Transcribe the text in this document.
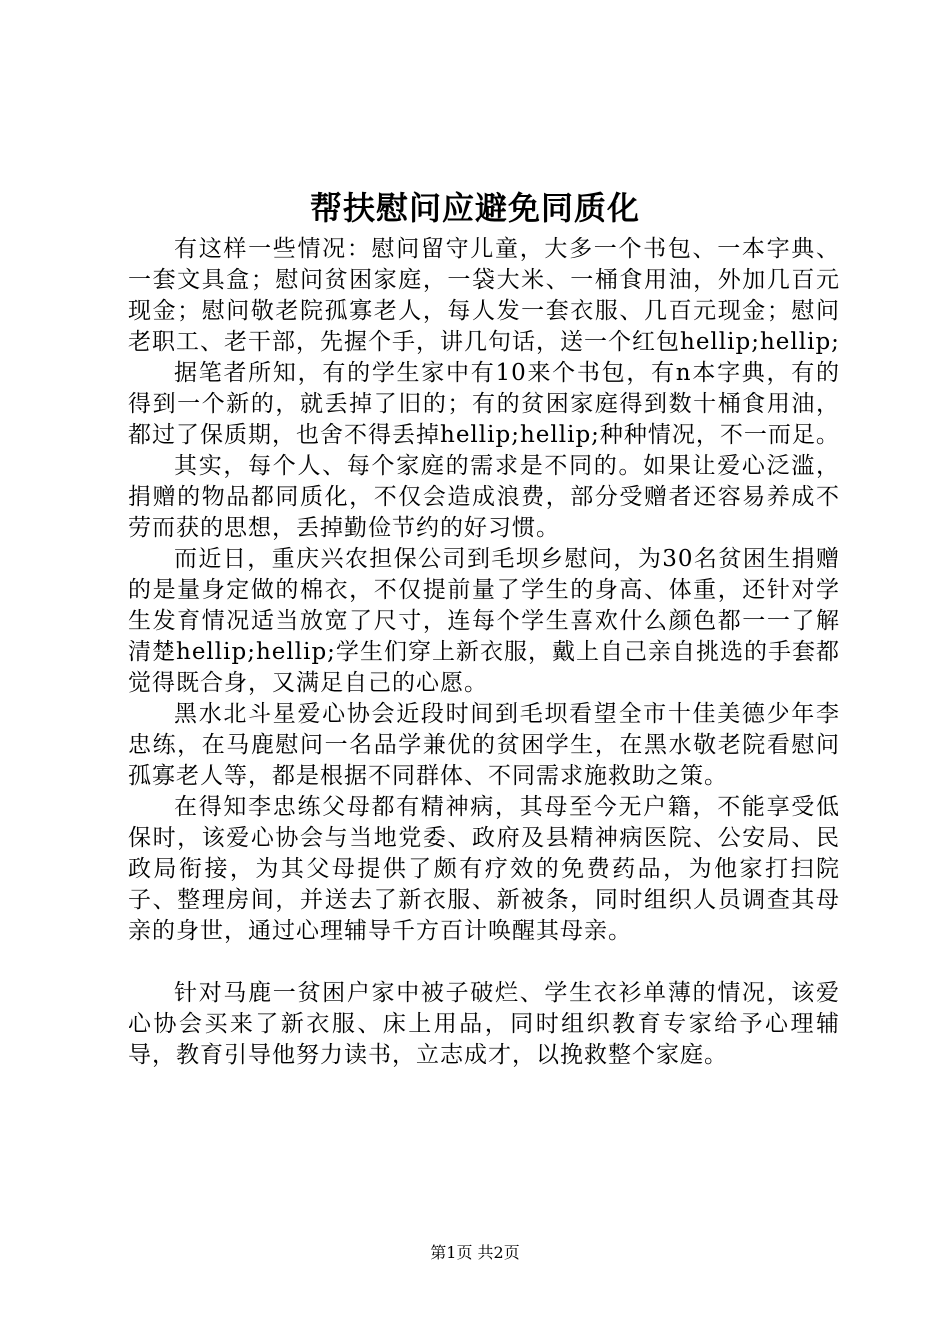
帮扶慰问应避免同质化

有这样一些情况：慰问留守儿童，大多一个书包、一本字典、一套文具盒；慰问贫困家庭，一袋大米、一桶食用油，外加几百元现金；慰问敬老院孤寡老人，每人发一套衣服、几百元现金；慰问老职工、老干部，先握个手，讲几句话，送一个红包hellip;hellip;

据笔者所知，有的学生家中有10来个书包，有n本字典，有的得到一个新的，就丢掉了旧的；有的贫困家庭得到数十桶食用油，都过了保质期，也舍不得丢掉hellip;hellip;种种情况，不一而足。

其实，每个人、每个家庭的需求是不同的。如果让爱心泛滥，捐赠的物品都同质化，不仅会造成浪费，部分受赠者还容易养成不劳而获的思想，丢掉勤俭节约的好习惯。

而近日，重庆兴农担保公司到毛坝乡慰问，为30名贫困生捐赠的是量身定做的棉衣，不仅提前量了学生的身高、体重，还针对学生发育情况适当放宽了尺寸，连每个学生喜欢什么颜色都一一了解清楚hellip;hellip;学生们穿上新衣服，戴上自己亲自挑选的手套都觉得既合身，又满足自己的心愿。

黑水北斗星爱心协会近段时间到毛坝看望全市十佳美德少年李忠练，在马鹿慰问一名品学兼优的贫困学生，在黑水敬老院看慰问孤寡老人等，都是根据不同群体、不同需求施救助之策。

在得知李忠练父母都有精神病，其母至今无户籍，不能享受低保时，该爱心协会与当地党委、政府及县精神病医院、公安局、民政局衔接，为其父母提供了颇有疗效的免费药品，为他家打扫院子、整理房间，并送去了新衣服、新被条，同时组织人员调查其母亲的身世，通过心理辅导千方百计唤醒其母亲。

针对马鹿一贫困户家中被子破烂、学生衣衫单薄的情况，该爱心协会买来了新衣服、床上用品，同时组织教育专家给予心理辅导，教育引导他努力读书，立志成才，以挽救整个家庭。

第1页 共2页
